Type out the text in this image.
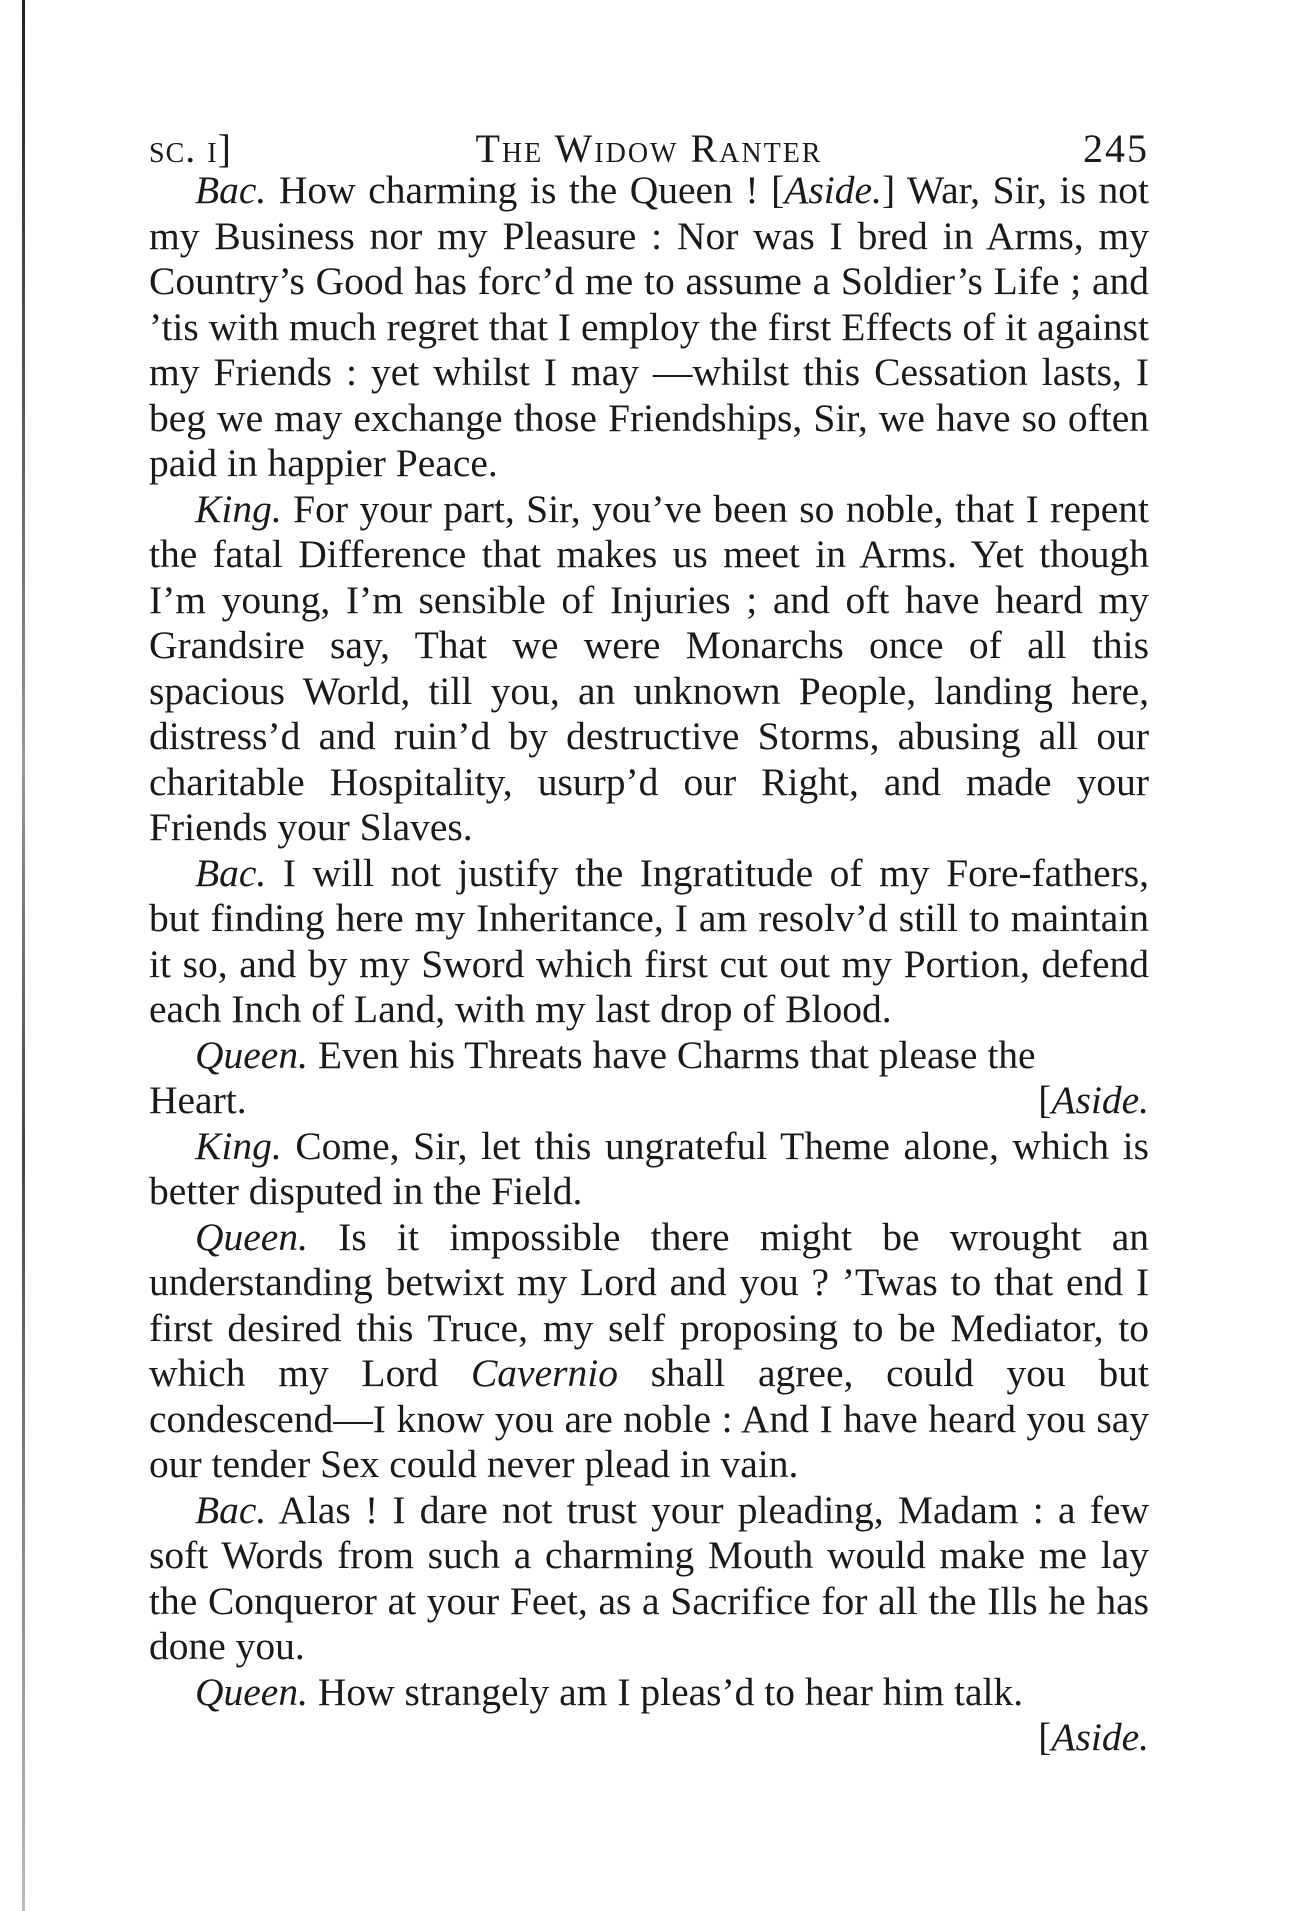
sc. i]	The Widow Ranter	245

Bac. How charming is the Queen ! [Aside.] War, Sir, is not my Business nor my Pleasure : Nor was I bred in Arms, my Country’s Good has forc’d me to assume a Soldier’s Life ; and ’tis with much regret that I employ the first Effects of it against my Friends : yet whilst I may —whilst this Cessation lasts, I beg we may exchange those Friendships, Sir, we have so often paid in happier Peace.

King. For your part, Sir, you’ve been so noble, that I repent the fatal Difference that makes us meet in Arms. Yet though I’m young, I’m sensible of Injuries ; and oft have heard my Grandsire say, That we were Monarchs once of all this spacious World, till you, an unknown People, landing here, distress’d and ruin’d by destructive Storms, abusing all our charitable Hospitality, usurp’d our Right, and made your Friends your Slaves.

Bac. I will not justify the Ingratitude of my Fore-fathers, but finding here my Inheritance, I am resolv’d still to maintain it so, and by my Sword which first cut out my Portion, defend each Inch of Land, with my last drop of Blood.

Queen. Even his Threats have Charms that please the

Heart.	[Aside.

King. Come, Sir, let this ungrateful Theme alone, which is better disputed in the Field.

Queen. Is it impossible there might be wrought an understanding betwixt my Lord and you ? ’Twas to that end I first desired this Truce, my self proposing to be Mediator, to which my Lord Cavernio shall agree, could you but condescend—I know you are noble : And I have heard you say our tender Sex could never plead in vain.

Bac. Alas ! I dare not trust your pleading, Madam : a few soft Words from such a charming Mouth would make me lay the Conqueror at your Feet, as a Sacrifice for all the Ills he has done you.

Queen. How strangely am I pleas’d to hear him talk.

[Aside.
